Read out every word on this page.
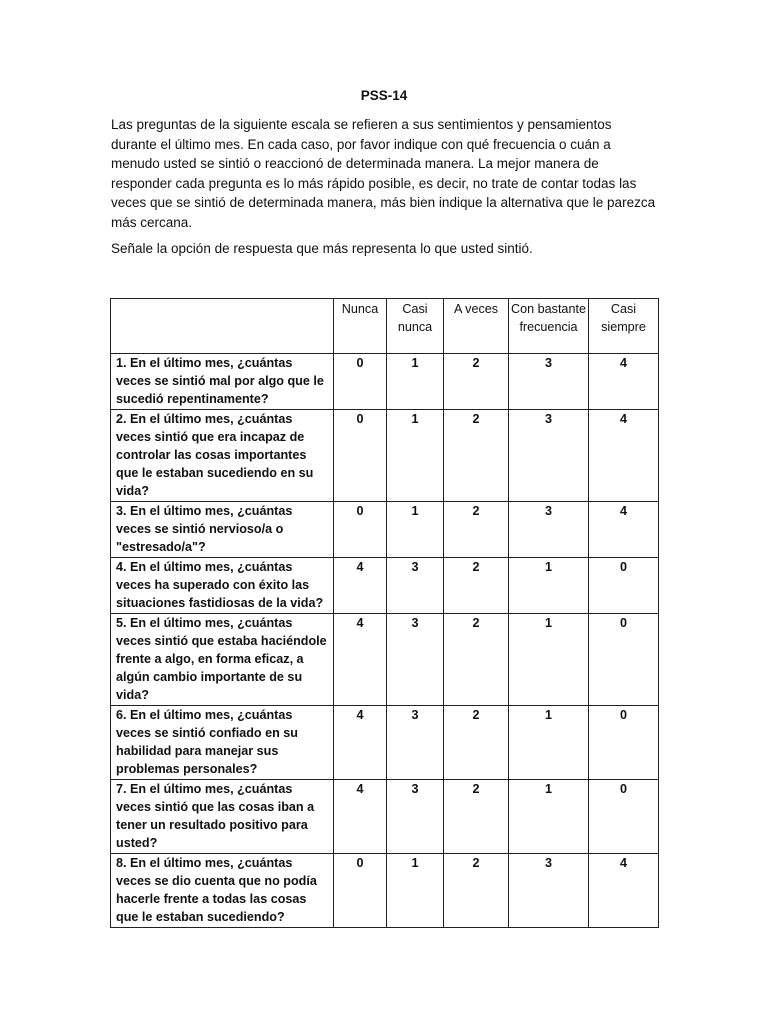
PSS-14
Las preguntas de la siguiente escala se refieren a sus sentimientos y pensamientos durante el último mes. En cada caso, por favor indique con qué frecuencia o cuán a menudo usted se sintió o reaccionó de determinada manera. La mejor manera de responder cada pregunta es lo más rápido posible, es decir, no trate de contar todas las veces que se sintió de determinada manera, más bien indique la alternativa que le parezca más cercana.
Señale la opción de respuesta que más representa lo que usted sintió.
	Nunca	Casi nunca	A veces	Con bastante frecuencia	Casi siempre
1. En el último mes, ¿cuántas veces se sintió mal por algo que le sucedió repentinamente?	0	1	2	3	4
2. En el último mes, ¿cuántas veces sintió que era incapaz de controlar las cosas importantes que le estaban sucediendo en su vida?	0	1	2	3	4
3. En el último mes, ¿cuántas veces se sintió nervioso/a o "estresado/a"?	0	1	2	3	4
4. En el último mes, ¿cuántas veces ha superado con éxito las situaciones fastidiosas de la vida?	4	3	2	1	0
5. En el último mes, ¿cuántas veces sintió que estaba haciéndole frente a algo, en forma eficaz, a algún cambio importante de su vida?	4	3	2	1	0
6. En el último mes, ¿cuántas veces se sintió confiado en su habilidad para manejar sus problemas personales?	4	3	2	1	0
7. En el último mes, ¿cuántas veces sintió que las cosas iban a tener un resultado positivo para usted?	4	3	2	1	0
8. En el último mes, ¿cuántas veces se dio cuenta que no podía hacerle frente a todas las cosas que le estaban sucediendo?	0	1	2	3	4
